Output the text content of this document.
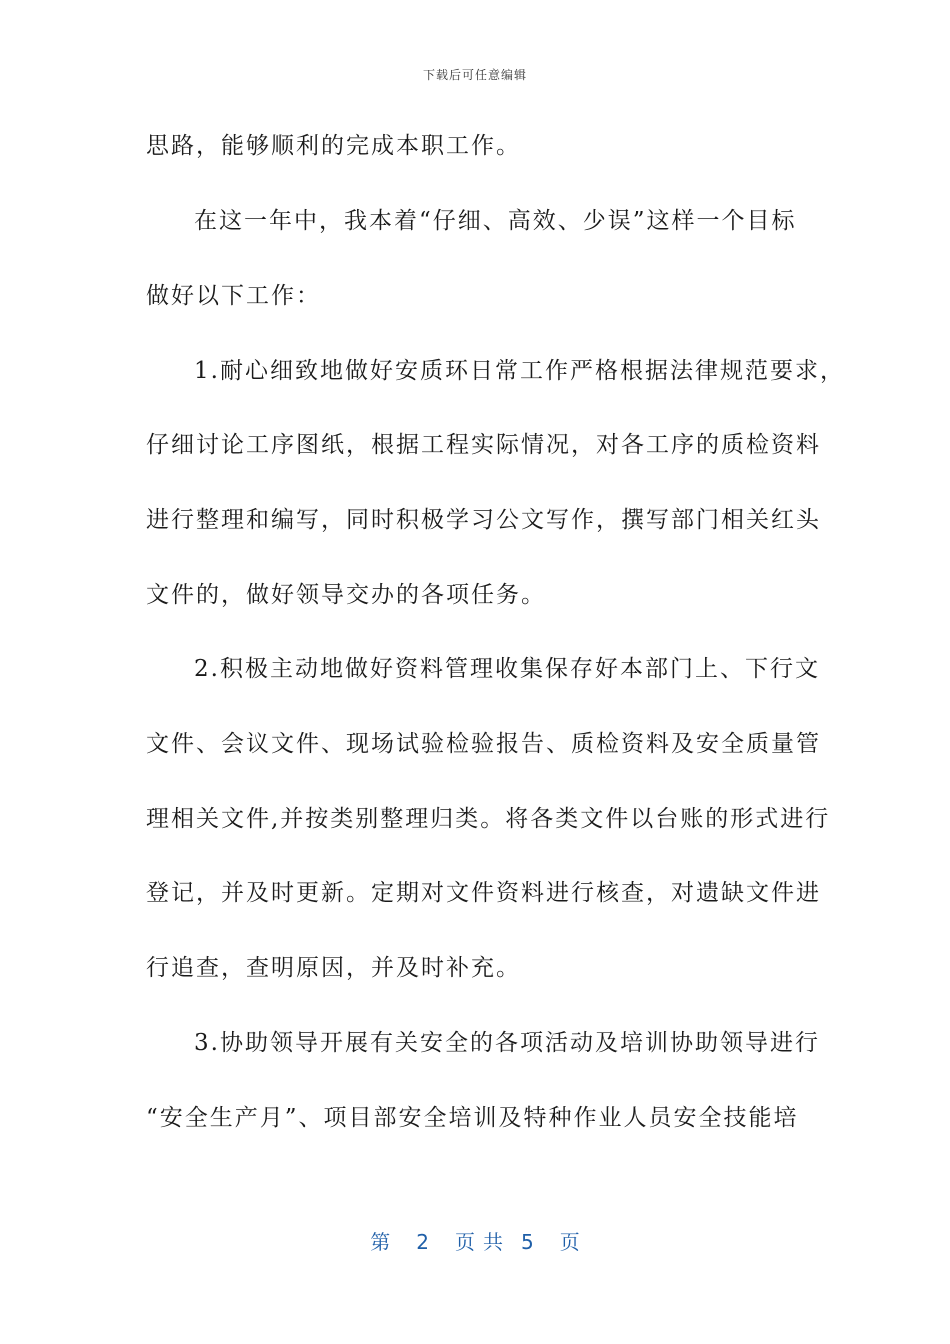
下载后可任意编辑
思路，能够顺利的完成本职工作。
在这一年中，我本着“仔细、高效、少误”这样一个目标
做好以下工作：
1.耐心细致地做好安质环日常工作严格根据法律规范要求，
仔细讨论工序图纸，根据工程实际情况，对各工序的质检资料
进行整理和编写，同时积极学习公文写作，撰写部门相关红头
文件的，做好领导交办的各项任务。
2.积极主动地做好资料管理收集保存好本部门上、下行文
文件、会议文件、现场试验检验报告、质检资料及安全质量管
理相关文件,并按类别整理归类。将各类文件以台账的形式进行
登记，并及时更新。定期对文件资料进行核查，对遗缺文件进
行追查，查明原因，并及时补充。
3.协助领导开展有关安全的各项活动及培训协助领导进行
“安全生产月”、项目部安全培训及特种作业人员安全技能培
第 2 页共 5 页
